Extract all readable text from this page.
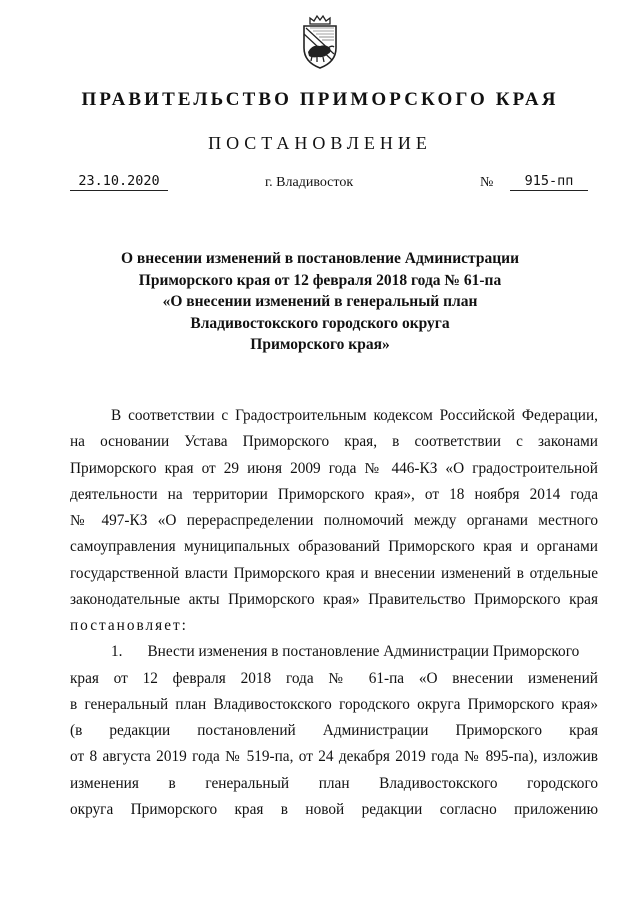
ПРАВИТЕЛЬСТВО ПРИМОРСКОГО КРАЯ
ПОСТАНОВЛЕНИЕ
23.10.2020	г. Владивосток	№	915-пп
О внесении изменений в постановление Администрации
Приморского края от 12 февраля 2018 года № 61-па
«О внесении изменений в генеральный план
Владивостокского городского округа
Приморского края»
В соответствии с Градостроительным кодексом Российской Федерации,
на основании Устава Приморского края, в соответствии с законами
Приморского края от 29 июня 2009 года № 446-КЗ «О градостроительной
деятельности на территории Приморского края», от 18 ноября 2014 года
№ 497-КЗ «О перераспределении полномочий между органами местного
самоуправления муниципальных образований Приморского края и органами
государственной власти Приморского края и внесении изменений в отдельные
законодательные акты Приморского края» Правительство Приморского края
постановляет:
1. Внести изменения в постановление Администрации Приморского
края от 12 февраля 2018 года № 61-па «О внесении изменений
в генеральный план Владивостокского городского округа Приморского края»
(в редакции постановлений Администрации Приморского края
от 8 августа 2019 года № 519-па, от 24 декабря 2019 года № 895-па), изложив
изменения в генеральный план Владивостокского городского
округа Приморского края в новой редакции согласно приложению
